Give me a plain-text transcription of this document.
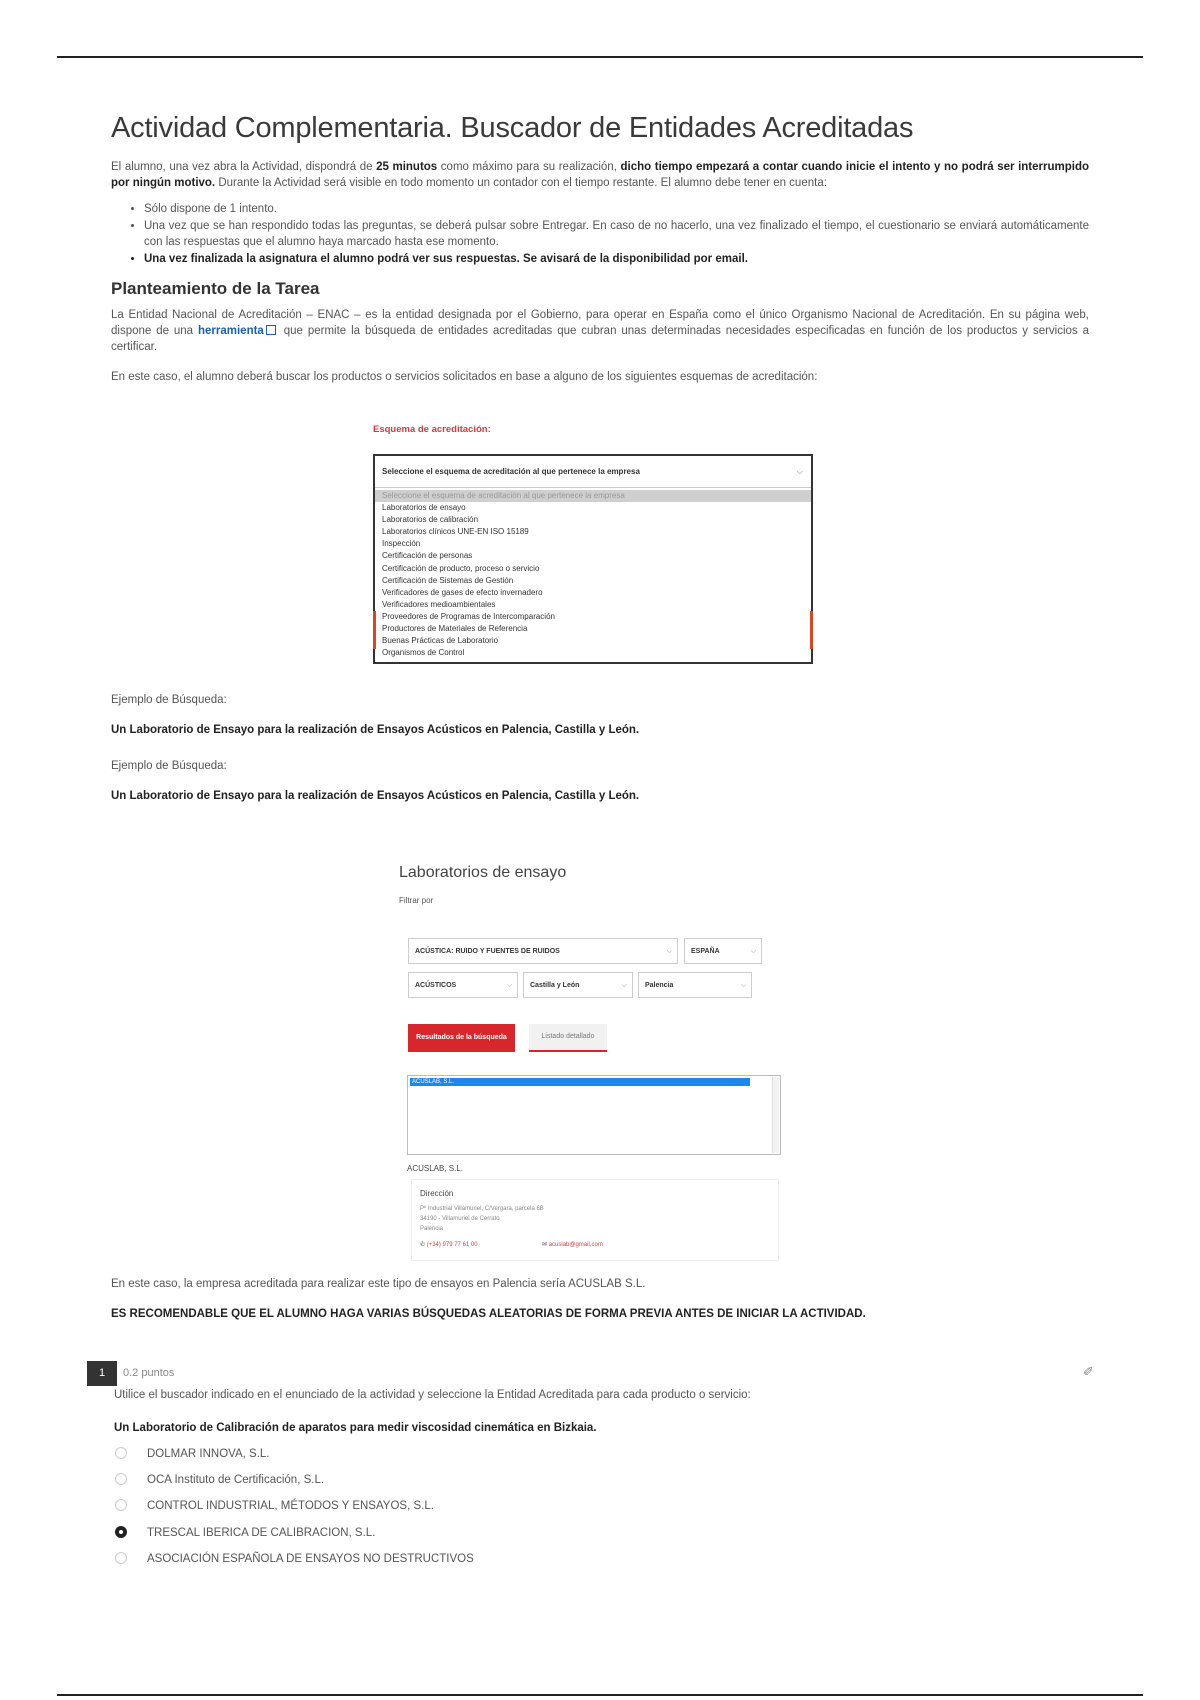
Actividad Complementaria. Buscador de Entidades Acreditadas

El alumno, una vez abra la Actividad, dispondrá de 25 minutos como máximo para su realización, dicho tiempo empezará a contar cuando inicie el intento y no podrá ser interrumpido por ningún motivo. Durante la Actividad será visible en todo momento un contador con el tiempo restante. El alumno debe tener en cuenta:

• Sólo dispone de 1 intento.
• Una vez que se han respondido todas las preguntas, se deberá pulsar sobre Entregar. En caso de no hacerlo, una vez finalizado el tiempo, el cuestionario se enviará automáticamente con las respuestas que el alumno haya marcado hasta ese momento.
• Una vez finalizada la asignatura el alumno podrá ver sus respuestas. Se avisará de la disponibilidad por email.
Planteamiento de la Tarea

La Entidad Nacional de Acreditación – ENAC – es la entidad designada por el Gobierno, para operar en España como el único Organismo Nacional de Acreditación. En su página web, dispone de una herramienta que permite la búsqueda de entidades acreditadas que cubran unas determinadas necesidades especificadas en función de los productos y servicios a certificar.

En este caso, el alumno deberá buscar los productos o servicios solicitados en base a alguno de los siguientes esquemas de acreditación:

Esquema de acreditación:
Seleccione el esquema de acreditación al que pertenece la empresa	⌵
Seleccione el esquema de acreditación al que pertenece la empresa
Laboratorios de ensayo
Laboratorios de calibración
Laboratorios clínicos UNE-EN ISO 15189
Inspección
Certificación de personas
Certificación de producto, proceso o servicio
Certificación de Sistemas de Gestión
Verificadores de gases de efecto invernadero
Verificadores medioambientales
Proveedores de Programas de Intercomparación
Productores de Materiales de Referencia
Buenas Prácticas de Laboratorio
Organismos de Control
Ejemplo de Búsqueda:
Un Laboratorio de Ensayo para la realización de Ensayos Acústicos en Palencia, Castilla y León.
Ejemplo de Búsqueda:
Un Laboratorio de Ensayo para la realización de Ensayos Acústicos en Palencia, Castilla y León.
Laboratorios de ensayo
Filtrar por
ACÚSTICA: RUIDO Y FUENTES DE RUIDOS	⌵	ESPAÑA	⌵
ACÚSTICOS	⌵	Castilla y León	⌵	Palencia	⌵
Resultados de la búsqueda	Listado detallado
ACUSLAB, S.L.
ACUSLAB, S.L.
Dirección
Pº Industrial Villamuriel, C/Vergara, parcela 6B
34190 - Villamuriel de Cerrato
Palencia
✆ (+34) 979 77 61 00	✉ acuslab@gmail.com
En este caso, la empresa acreditada para realizar este tipo de ensayos en Palencia sería ACUSLAB S.L.
ES RECOMENDABLE QUE EL ALUMNO HAGA VARIAS BÚSQUEDAS ALEATORIAS DE FORMA PREVIA ANTES DE INICIAR LA ACTIVIDAD.
1	0.2 puntos	✐
Utilice el buscador indicado en el enunciado de la actividad y seleccione la Entidad Acreditada para cada producto o servicio:
Un Laboratorio de Calibración de aparatos para medir viscosidad cinemática en Bizkaia.
DOLMAR INNOVA, S.L.
OCA Instituto de Certificación, S.L.
CONTROL INDUSTRIAL, MÉTODOS Y ENSAYOS, S.L.
TRESCAL IBERICA DE CALIBRACION, S.L.
ASOCIACIÓN ESPAÑOLA DE ENSAYOS NO DESTRUCTIVOS
